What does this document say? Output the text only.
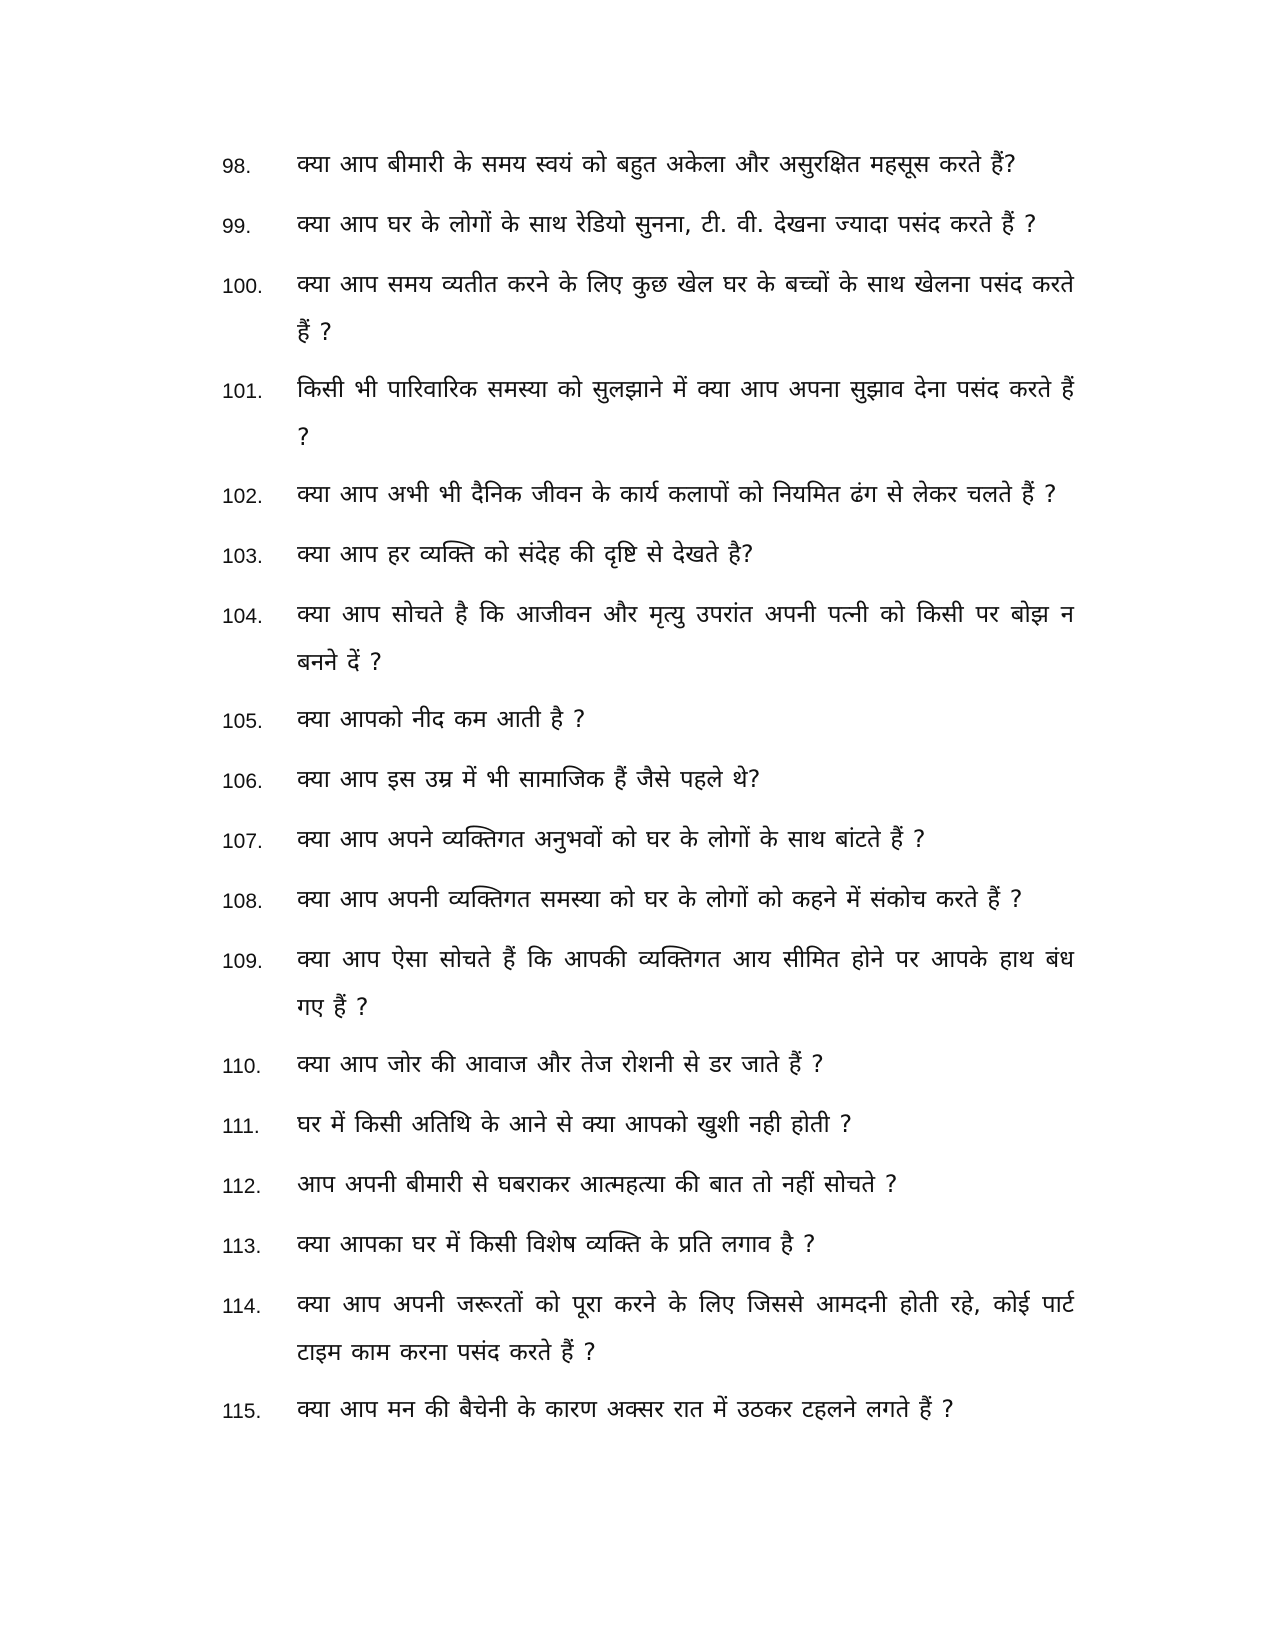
98.	क्या आप बीमारी के समय स्वयं को बहुत अकेला और असुरक्षित महसूस करते हैं?
99.	क्या आप घर के लोगों के साथ रेडियो सुनना, टी. वी. देखना ज्यादा पसंद करते हैं ?
100.	क्या आप समय व्यतीत करने के लिए कुछ खेल घर के बच्चों के साथ खेलना पसंद करते हैं ?
101.	किसी भी पारिवारिक समस्या को सुलझाने में क्या आप अपना सुझाव देना पसंद करते हैं ?
102.	क्या आप अभी भी दैनिक जीवन के कार्य कलापों को नियमित ढंग से लेकर चलते हैं ?
103.	क्या आप हर व्यक्ति को संदेह की दृष्टि से देखते है?
104.	क्या आप सोचते है कि आजीवन और मृत्यु उपरांत अपनी पत्नी को किसी पर बोझ न बनने दें ?
105.	क्या आपको नीद कम आती है ?
106.	क्या आप इस उम्र में भी सामाजिक हैं जैसे पहले थे?
107.	क्या आप अपने व्यक्तिगत अनुभवों को घर के लोगों के साथ बांटते हैं ?
108.	क्या आप अपनी व्यक्तिगत समस्या को घर के लोगों को कहने में संकोच करते हैं ?
109.	क्या आप ऐसा सोचते हैं कि आपकी व्यक्तिगत आय सीमित होने पर आपके हाथ बंध गए हैं ?
110.	क्या आप जोर की आवाज और तेज रोशनी से डर जाते हैं ?
111.	घर में किसी अतिथि के आने से क्या आपको खुशी नही होती ?
112.	आप अपनी बीमारी से घबराकर आत्महत्या की बात तो नहीं सोचते ?
113.	क्या आपका घर में किसी विशेष व्यक्ति के प्रति लगाव है ?
114.	क्या आप अपनी जरूरतों को पूरा करने के लिए जिससे आमदनी होती रहे, कोई पार्ट टाइम काम करना पसंद करते हैं ?
115.	क्या आप मन की बैचेनी के कारण अक्सर रात में उठकर टहलने लगते हैं ?
